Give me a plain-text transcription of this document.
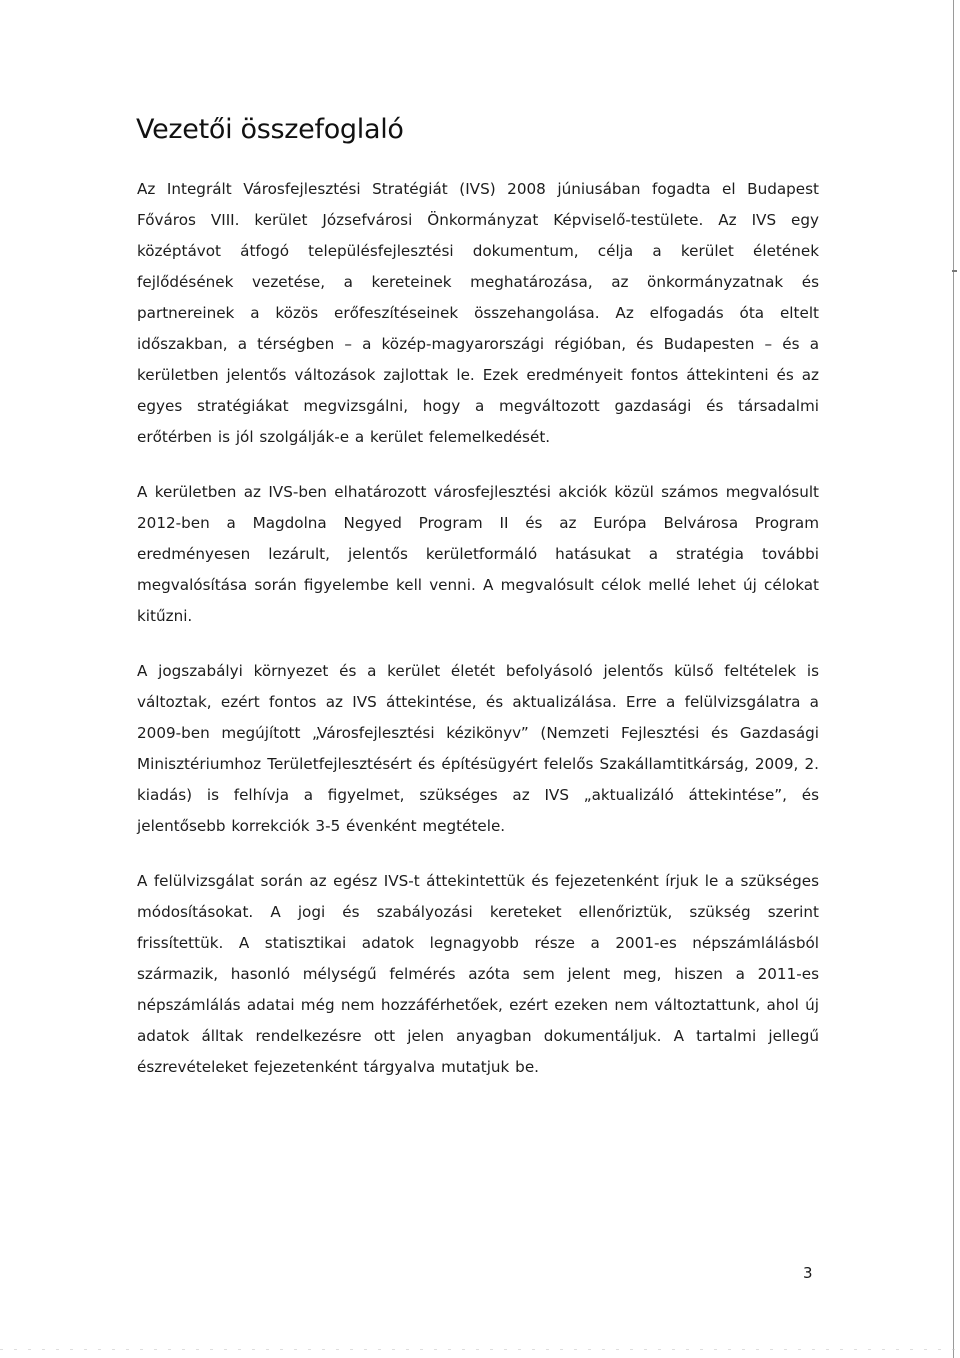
Vezetői összefoglaló

Az Integrált Városfejlesztési Stratégiát (IVS) 2008 júniusában fogadta el Budapest Főváros VIII. kerület Józsefvárosi Önkormányzat Képviselő-testülete. Az IVS egy középtávot átfogó településfejlesztési dokumentum, célja a kerület életének fejlődésének vezetése, a kereteinek meghatározása, az önkormányzatnak és partnereinek a közös erőfeszítéseinek összehangolása. Az elfogadás óta eltelt időszakban, a térségben – a közép-magyarországi régióban, és Budapesten – és a kerületben jelentős változások zajlottak le. Ezek eredményeit fontos áttekinteni és az egyes stratégiákat megvizsgálni, hogy a megváltozott gazdasági és társadalmi erőtérben is jól szolgálják-e a kerület felemelkedését.

A kerületben az IVS-ben elhatározott városfejlesztési akciók közül számos megvalósult 2012-ben a Magdolna Negyed Program II és az Európa Belvárosa Program eredményesen lezárult, jelentős kerületformáló hatásukat a stratégia további megvalósítása során figyelembe kell venni. A megvalósult célok mellé lehet új célokat kitűzni.

A jogszabályi környezet és a kerület életét befolyásoló jelentős külső feltételek is változtak, ezért fontos az IVS áttekintése, és aktualizálása. Erre a felülvizsgálatra a 2009-ben megújított „Városfejlesztési kézikönyv” (Nemzeti Fejlesztési és Gazdasági Minisztériumhoz Területfejlesztésért és építésügyért felelős Szakállamtitkárság, 2009, 2. kiadás) is felhívja a figyelmet, szükséges az IVS „aktualizáló áttekintése”, és jelentősebb korrekciók 3-5 évenként megtétele.

A felülvizsgálat során az egész IVS-t áttekintettük és fejezetenként írjuk le a szükséges módosításokat. A jogi és szabályozási kereteket ellenőriztük, szükség szerint frissítettük. A statisztikai adatok legnagyobb része a 2001-es népszámlálásból származik, hasonló mélységű felmérés azóta sem jelent meg, hiszen a 2011-es népszámlálás adatai még nem hozzáférhetőek, ezért ezeken nem változtattunk, ahol új adatok álltak rendelkezésre ott jelen anyagban dokumentáljuk. A tartalmi jellegű észrevételeket fejezetenként tárgyalva mutatjuk be.

3
